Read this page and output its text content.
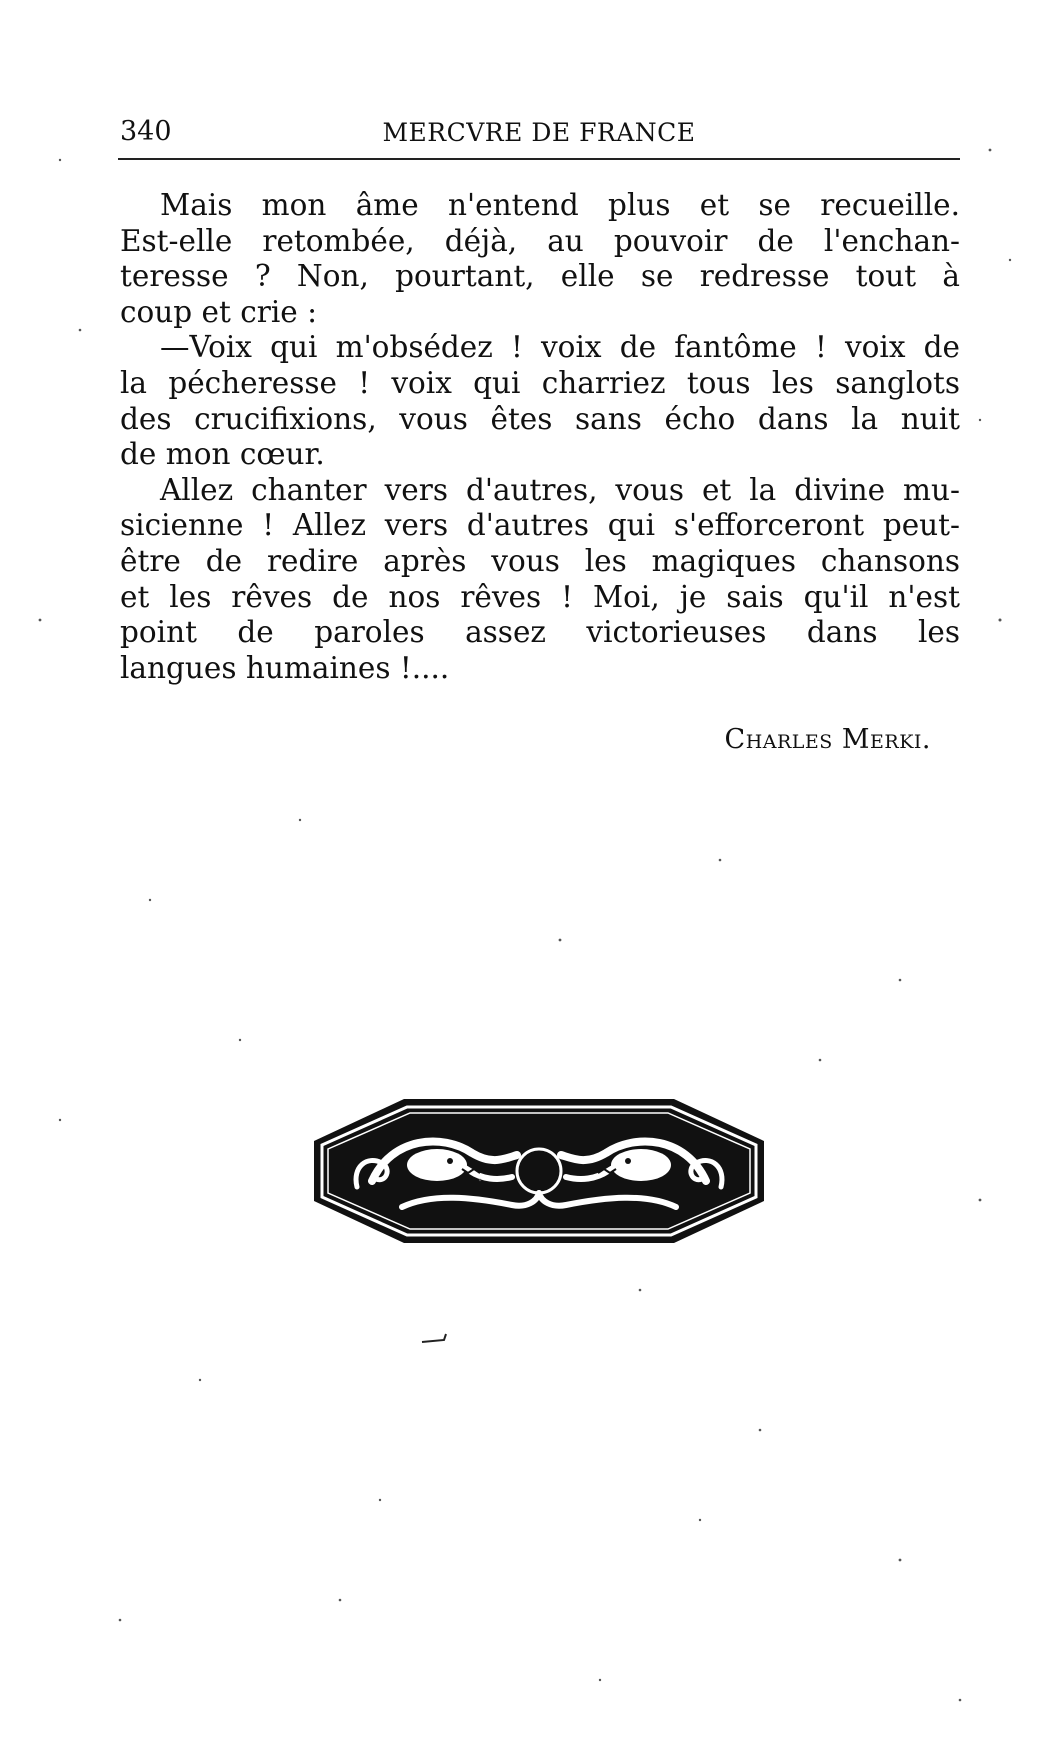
340	MERCVRE DE FRANCE
Mais mon âme n'entend plus et se recueille.
Est-elle retombée, déjà, au pouvoir de l'enchan-
teresse ? Non, pourtant, elle se redresse tout à
coup et crie :
—Voix qui m'obsédez ! voix de fantôme ! voix de
la pécheresse ! voix qui charriez tous les sanglots
des crucifixions, vous êtes sans écho dans la nuit
de mon cœur.
Allez chanter vers d'autres, vous et la divine mu-
sicienne ! Allez vers d'autres qui s'efforceront peut-
être de redire après vous les magiques chansons
et les rêves de nos rêves ! Moi, je sais qu'il n'est
point de paroles assez victorieuses dans les
langues humaines !....
Charles Merki.
